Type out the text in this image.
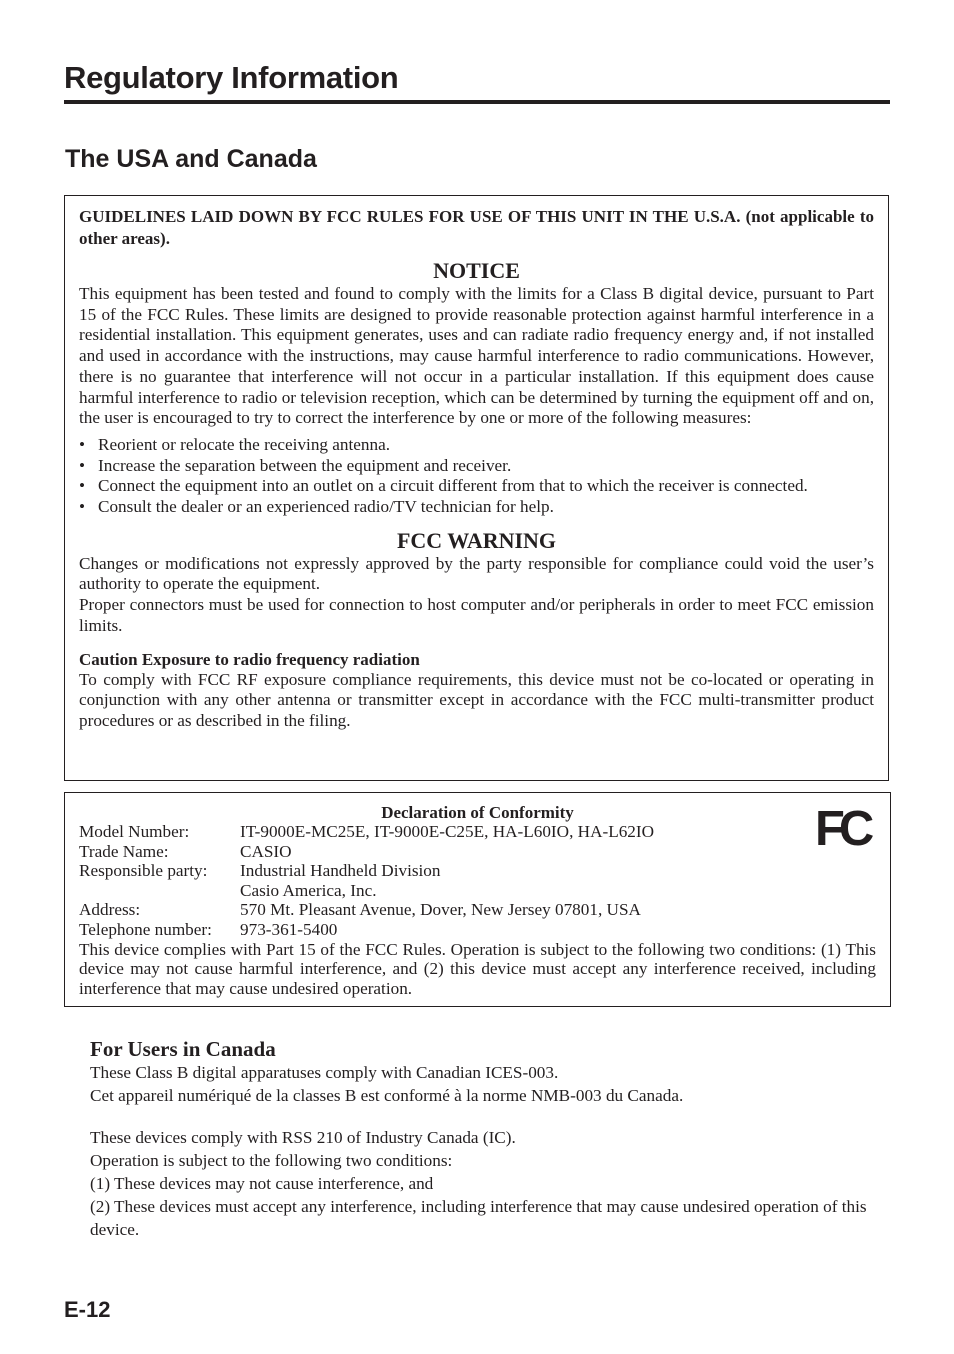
Regulatory Information
The USA and Canada

GUIDELINES LAID DOWN BY FCC RULES FOR USE OF THIS UNIT IN THE U.S.A. (not applicable to other areas).

NOTICE

This equipment has been tested and found to comply with the limits for a Class B digital device, pursuant to Part 15 of the FCC Rules. These limits are designed to provide reasonable protection against harmful interference in a residential installation. This equipment generates, uses and can radiate radio frequency energy and, if not installed and used in accordance with the instructions, may cause harmful interference to radio communications. However, there is no guarantee that interference will not occur in a particular installation. If this equipment does cause harmful interference to radio or television reception, which can be determined by turning the equipment off and on, the user is encouraged to try to correct the interference by one or more of the following measures:

• Reorient or relocate the receiving antenna.
• Increase the separation between the equipment and receiver.
• Connect the equipment into an outlet on a circuit different from that to which the receiver is connected.
• Consult the dealer or an experienced radio/TV technician for help.
FCC WARNING

Changes or modifications not expressly approved by the party responsible for compliance could void the user’s authority to operate the equipment.

Proper connectors must be used for connection to host computer and/or peripherals in order to meet FCC emission limits.

Caution Exposure to radio frequency radiation

To comply with FCC RF exposure compliance requirements, this device must not be co-located or operating in conjunction with any other antenna or transmitter except in accordance with the FCC multi-transmitter product procedures or as described in the filing.

FC
Declaration of Conformity
Model Number:	IT-9000E-MC25E, IT-9000E-C25E, HA-L60IO, HA-L62IO
Trade Name:	CASIO
Responsible party:	Industrial Handheld Division
Casio America, Inc.
Address:	570 Mt. Pleasant Avenue, Dover, New Jersey 07801, USA
Telephone number:	973-361-5400

This device complies with Part 15 of the FCC Rules. Operation is subject to the following two conditions: (1) This device may not cause harmful interference, and (2) this device must accept any interference received, including interference that may cause undesired operation.

For Users in Canada

These Class B digital apparatuses comply with Canadian ICES-003.

Cet appareil numériqué de la classes B est conformé à la norme NMB-003 du Canada.

These devices comply with RSS 210 of Industry Canada (IC).

Operation is subject to the following two conditions:

(1) These devices may not cause interference, and

(2) These devices must accept any interference, including interference that may cause undesired operation of this device.

E-12
